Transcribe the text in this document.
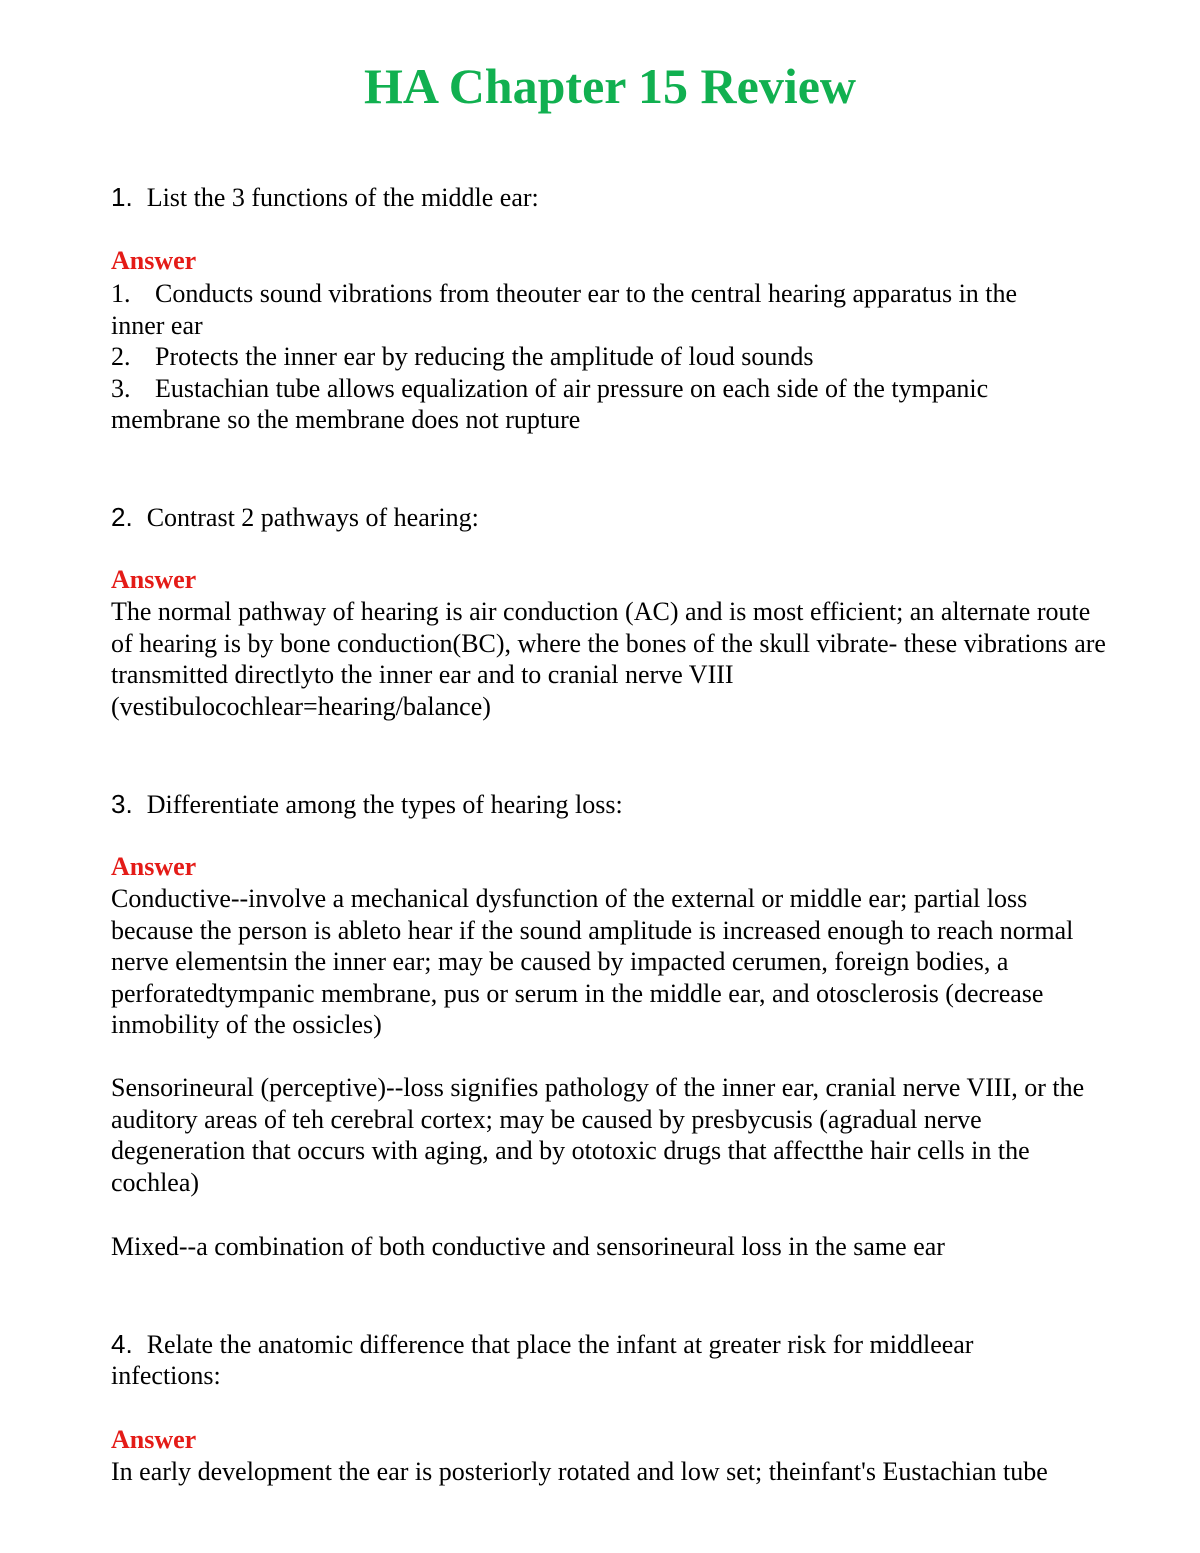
HA Chapter 15 Review
1. List the 3 functions of the middle ear:
Answer
1. Conducts sound vibrations from theouter ear to the central hearing apparatus in the
inner ear
2. Protects the inner ear by reducing the amplitude of loud sounds
3. Eustachian tube allows equalization of air pressure on each side of the tympanic
membrane so the membrane does not rupture
2. Contrast 2 pathways of hearing:
Answer
The normal pathway of hearing is air conduction (AC) and is most efficient; an alternate route of hearing is by bone conduction(BC), where the bones of the skull vibrate- these vibrations are transmitted directlyto the inner ear and to cranial nerve VIII (vestibulocochlear=hearing/balance)
3. Differentiate among the types of hearing loss:
Answer
Conductive--involve a mechanical dysfunction of the external or middle ear; partial loss because the person is ableto hear if the sound amplitude is increased enough to reach normal nerve elementsin the inner ear; may be caused by impacted cerumen, foreign bodies, a perforatedtympanic membrane, pus or serum in the middle ear, and otosclerosis (decrease inmobility of the ossicles)
Sensorineural (perceptive)--loss signifies pathology of the inner ear, cranial nerve VIII, or the auditory areas of teh cerebral cortex; may be caused by presbycusis (agradual nerve degeneration that occurs with aging, and by ototoxic drugs that affectthe hair cells in the cochlea)
Mixed--a combination of both conductive and sensorineural loss in the same ear
4. Relate the anatomic difference that place the infant at greater risk for middleear infections:
Answer
In early development the ear is posteriorly rotated and low set; theinfant's Eustachian tube
